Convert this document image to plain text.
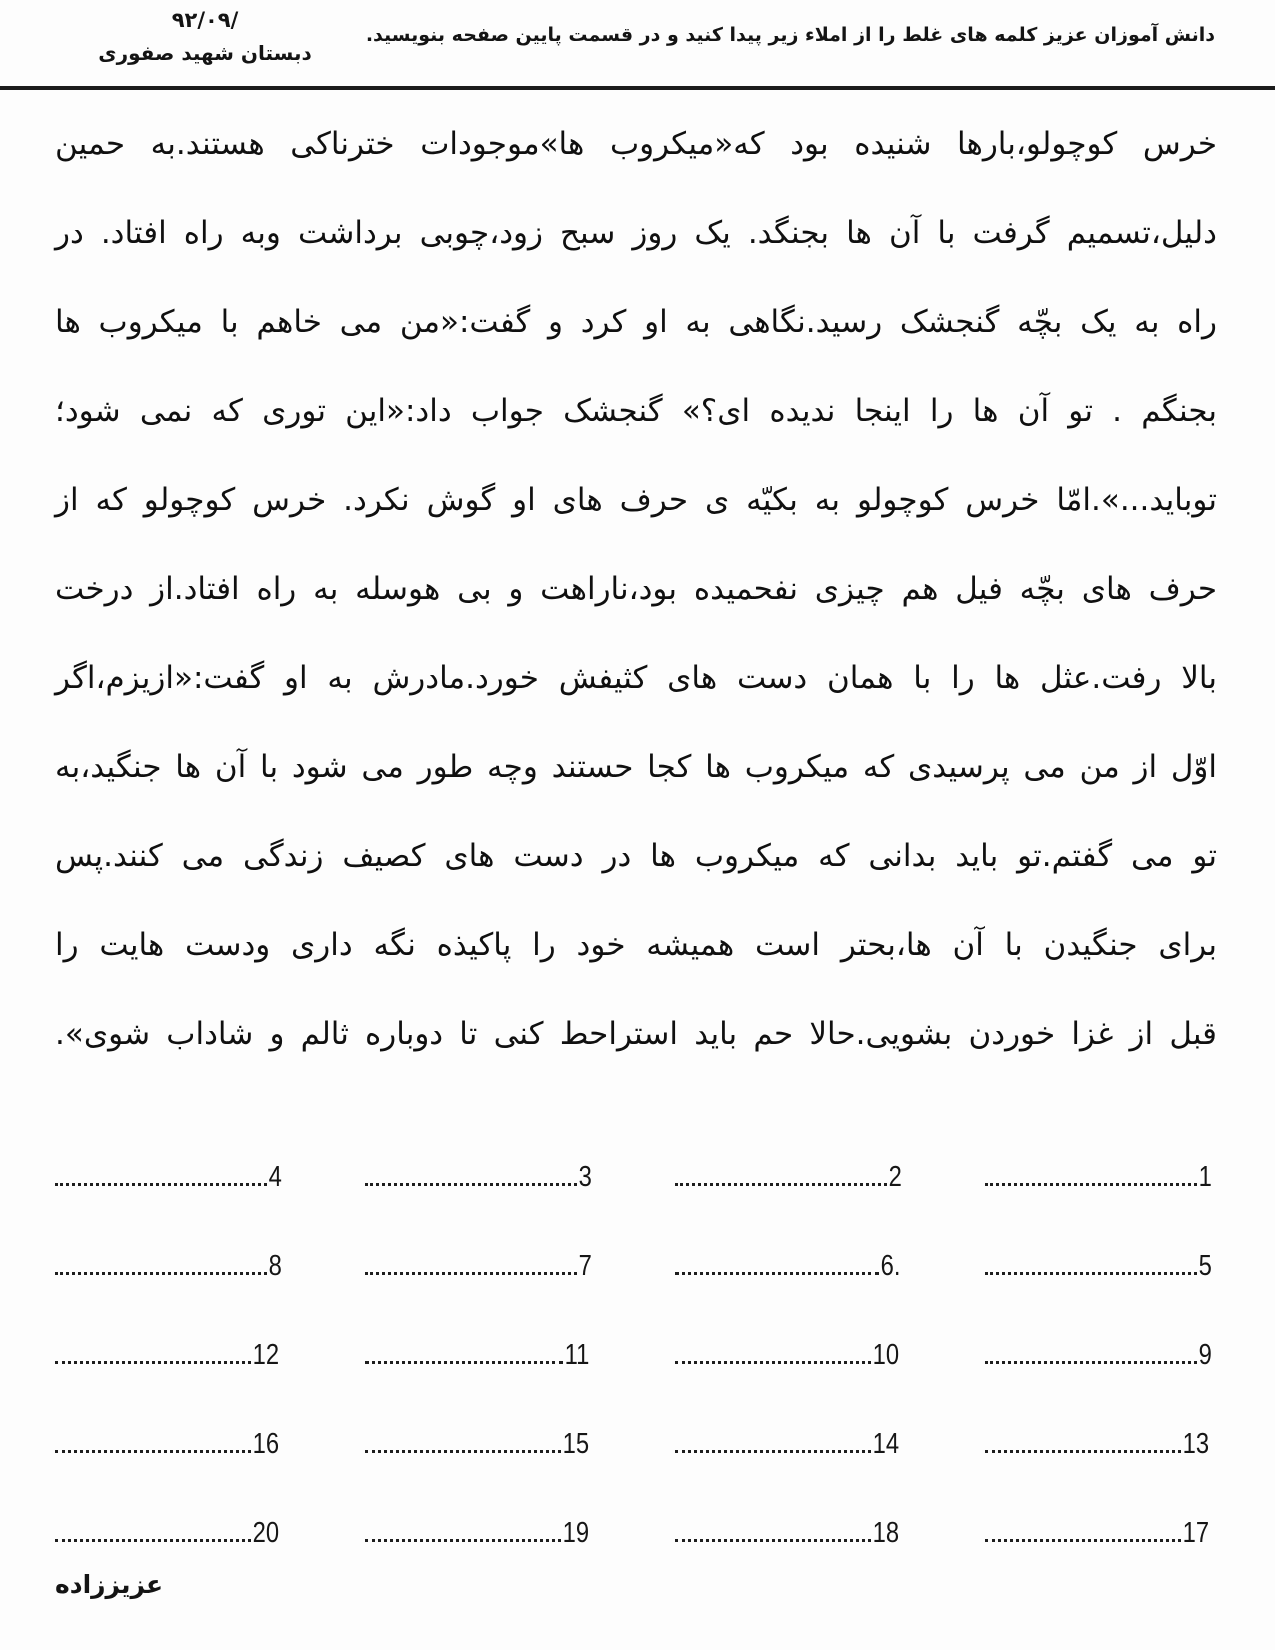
۹۲/۰۹/
دبستان شهید صفوری
دانش آموزان عزیز کلمه های غلط را از املاء زیر پیدا کنید و در قسمت پایین صفحه بنویسید.
خرس کوچولو،بارها شنیده بود که«میکروب ها»موجودات خترناکی هستند.به حمین
دلیل،تسمیم گرفت با آن ها بجنگد. یک روز سبح زود،چوبی برداشت وبه راه افتاد. در
راه به یک بچّه گنجشک رسید.نگاهی به او کرد و گفت:«من می خاهم با میکروب ها
بجنگم . تو آن ها را اینجا ندیده ای؟» گنجشک جواب داد:«این توری که نمی شود؛
توباید...».امّا خرس کوچولو به بکیّه ی حرف های او گوش نکرد. خرس کوچولو که از
حرف های بچّه فیل هم چیزی نفحمیده بود،ناراهت و بی هوسله به راه افتاد.از درخت
بالا رفت.عثل ها را با همان دست های کثیفش خورد.مادرش به او گفت:«ازیزم،اگر
اوّل از من می پرسیدی که میکروب ها کجا حستند وچه طور می شود با آن ها جنگید،به
تو می گفتم.تو باید بدانی که میکروب ها در دست های کصیف زندگی می کنند.پس
برای جنگیدن با آن ها،بحتر است همیشه خود را پاکیذه نگه داری ودست هایت را
قبل از غزا خوردن بشویی.حالا حم باید استراحط کنی تا دوباره ثالم و شاداب شوی».
1
2
3
4
5
6.
7
8
9
10
11
12
13
14
15
16
17
18
19
20
عزیززاده
